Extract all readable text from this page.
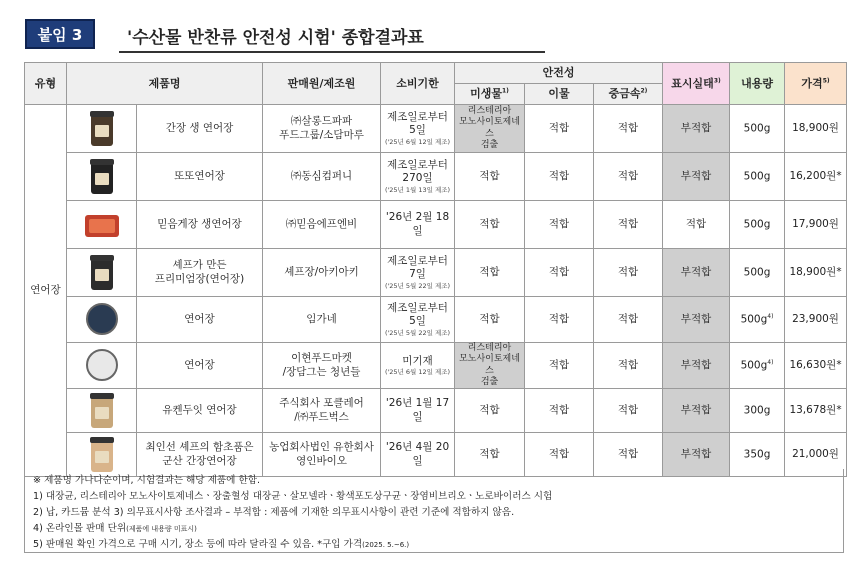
붙임 3	'수산물 반찬류 안전성 시험' 종합결과표
유형	제품명		판매원/제조원	소비기한	안전성			표시실태$^{3)}$	내용량	가격$^{5)}$
					미생물$^{1)}$	이물	중금속$^{2)}$
연어장		간장 생 연어장	㈜살롱드파파
푸드그룹/소담마루	제조일로부터
5일
('25년 6월 12일 제조)	리스테리아
모노사이토제네스
검출	적합	적합	부적합	500g	18,900원

		또또연어장	㈜동심컴퍼니	제조일로부터
270일
('25년 1월 13일 제조)	적합	적합	적합	부적합	500g	16,200원*

		믿음게장 생연어장	㈜믿음에프엔비	'26년 2월 18일	적합	적합	적합	적합	500g	17,900원

		셰프가 만든
프리미엄장(연어장)	셰프장/아키아키	제조일로부터
7일
('25년 5월 22일 제조)	적합	적합	적합	부적합	500g	18,900원*

		연어장	임가네	제조일로부터
5일
('25년 5월 22일 제조)	적합	적합	적합	부적합	$500g^{4)}$	23,900원

		연어장	이현푸드마켓
/장담그는 청년들	미기재
('25년 6월 12일 제조)	리스테리아
모노사이토제네스
검출	적합	적합	부적합	$500g^{4)}$	16,630원*

		유켄두잇 연어장	주식회사 포클레어
/㈜푸드벅스	'26년 1월 17일	적합	적합	적합	부적합	300g	13,678원*

		최인선 셰프의 함초품은
군산 간장연어장	농업회사법인 유한회사
영인바이오	'26년 4월 20일	적합	적합	적합	부적합	350g	21,000원
※ 제품명 가나다순이며, 시험결과는 해당 제품에 한함.
1) 대장균, 리스테리아 모노사이토제네스ㆍ장출혈성 대장균ㆍ살모넬라ㆍ황색포도상구균ㆍ장염비브리오ㆍ노로바이러스 시험
2) 납, 카드뮴 분석 3) 의무표시사항 조사결과 – 부적합 : 제품에 기재한 의무표시사항이 관련 기준에 적합하지 않음.
4) 온라인몰 판매 단위(제품에 내용량 미표시)
5) 판매원 확인 가격으로 구매 시기, 장소 등에 따라 달라질 수 있음. *구입 가격(2025. 5.~6.)
